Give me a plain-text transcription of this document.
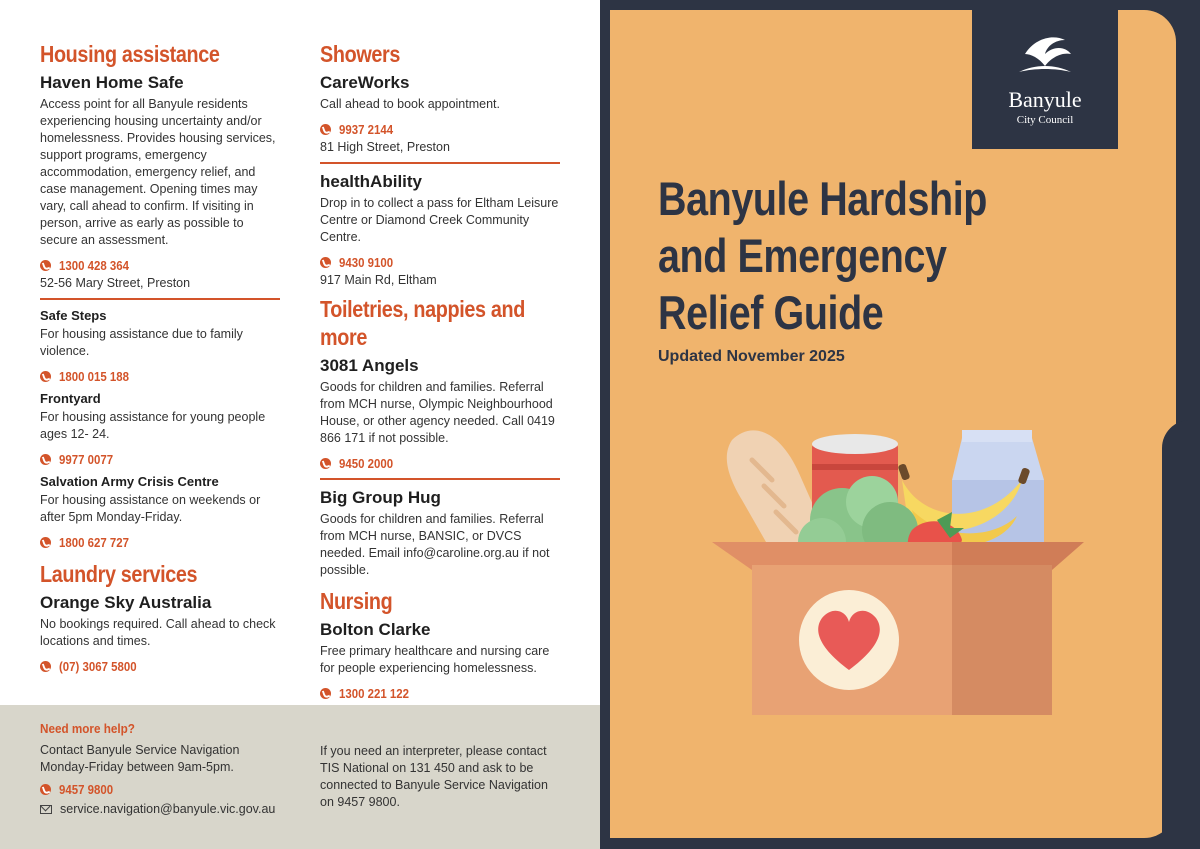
Housing assistance
Haven Home Safe
Access point for all Banyule residents experiencing housing uncertainty and/or homelessness. Provides housing services, support programs, emergency accommodation, emergency relief, and case management. Opening times may vary, call ahead to confirm. If visiting in person, arrive as early as possible to secure an assessment.
1300 428 364
52-56 Mary Street, Preston
Safe Steps
For housing assistance due to family violence.
1800 015 188
Frontyard
For housing assistance for young people ages 12- 24.
9977 0077
Salvation Army Crisis Centre
For housing assistance on weekends or after 5pm Monday-Friday.
1800 627 727
Laundry services
Orange Sky Australia
No bookings required. Call ahead to check locations and times.
(07) 3067 5800
Showers
CareWorks
Call ahead to book appointment.
9937 2144
81 High Street, Preston
healthAbility
Drop in to collect a pass for Eltham Leisure Centre or Diamond Creek Community Centre.
9430 9100
917 Main Rd, Eltham
Toiletries, nappies and more
3081 Angels
Goods for children and families. Referral from MCH nurse, Olympic Neighbourhood House, or other agency needed. Call 0419 866 171 if not possible.
9450 2000
Big Group Hug
Goods for children and families. Referral from MCH nurse, BANSIC, or DVCS needed. Email info@caroline.org.au if not possible.
Nursing
Bolton Clarke
Free primary healthcare and nursing care for people experiencing homelessness.
1300 221 122
Need more help?
Contact Banyule Service Navigation Monday-Friday between 9am-5pm.
9457 9800
service.navigation@banyule.vic.gov.au
If you need an interpreter, please contact TIS National on 131 450 and ask to be connected to Banyule Service Navigation on 9457 9800.
Banyule
City Council
Banyule Hardship and Emergency Relief Guide
Updated November 2025
